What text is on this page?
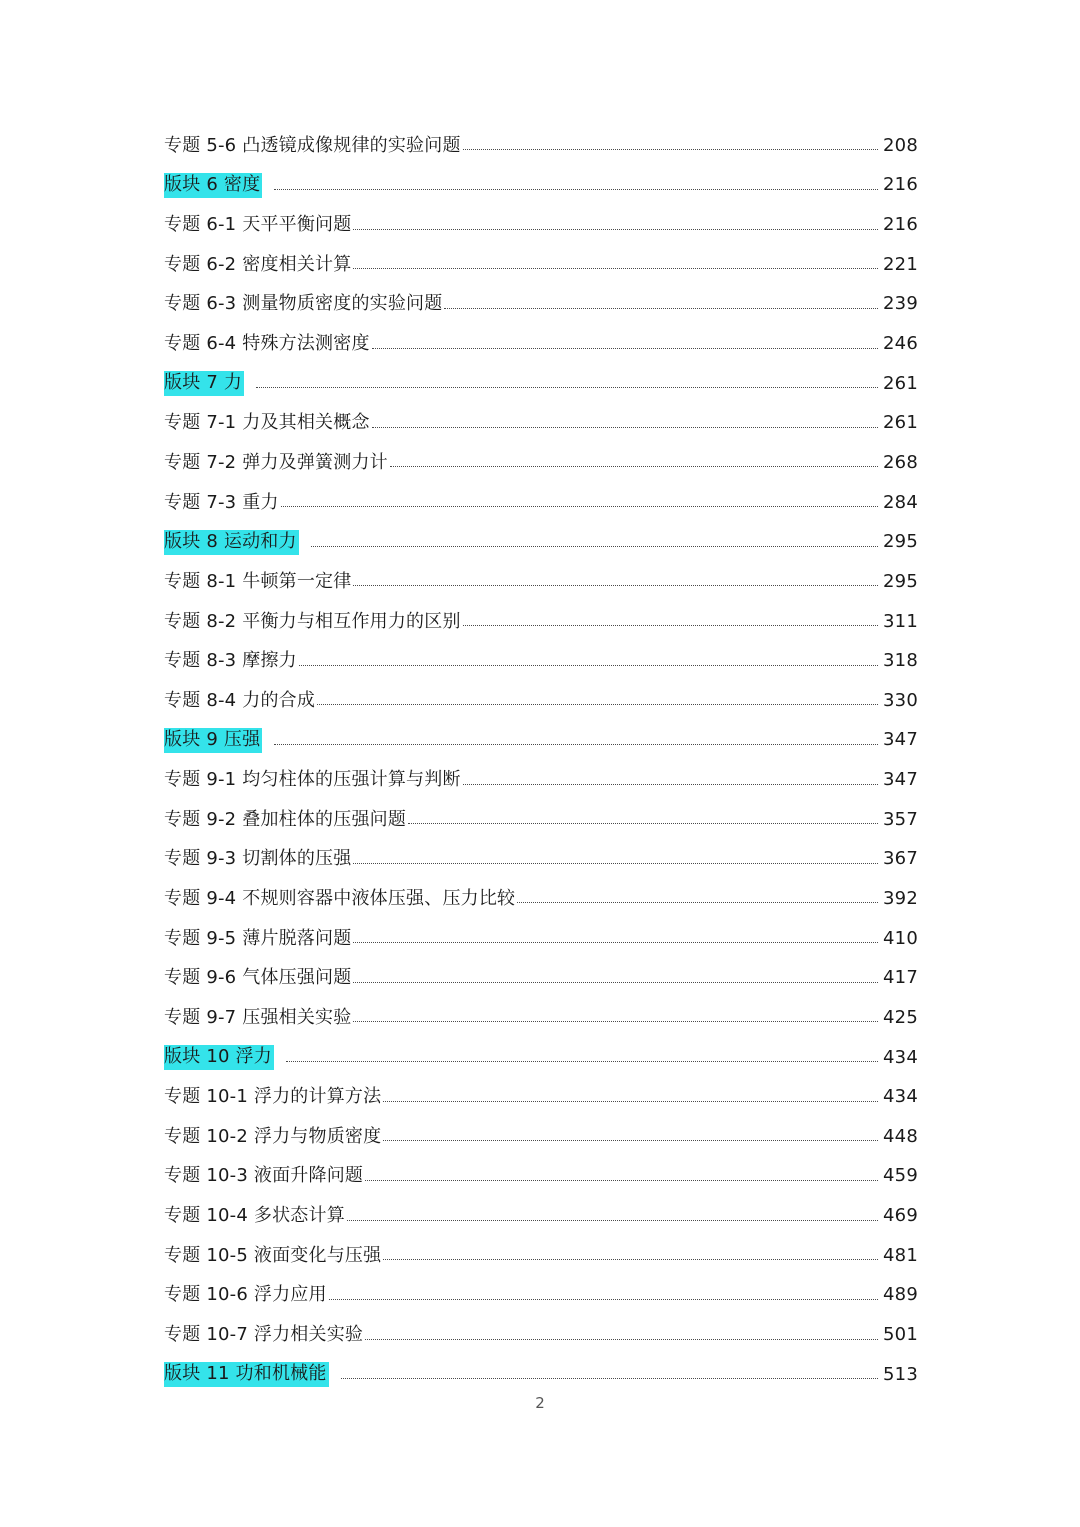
专题 5-6 凸透镜成像规律的实验问题	208
版块 6 密度	216
专题 6-1 天平平衡问题	216
专题 6-2 密度相关计算	221
专题 6-3 测量物质密度的实验问题	239
专题 6-4 特殊方法测密度	246
版块 7 力	261
专题 7-1 力及其相关概念	261
专题 7-2 弹力及弹簧测力计	268
专题 7-3 重力	284
版块 8 运动和力	295
专题 8-1 牛顿第一定律	295
专题 8-2 平衡力与相互作用力的区别	311
专题 8-3 摩擦力	318
专题 8-4 力的合成	330
版块 9 压强	347
专题 9-1 均匀柱体的压强计算与判断	347
专题 9-2 叠加柱体的压强问题	357
专题 9-3 切割体的压强	367
专题 9-4 不规则容器中液体压强、压力比较	392
专题 9-5 薄片脱落问题	410
专题 9-6 气体压强问题	417
专题 9-7 压强相关实验	425
版块 10 浮力	434
专题 10-1 浮力的计算方法	434
专题 10-2 浮力与物质密度	448
专题 10-3 液面升降问题	459
专题 10-4 多状态计算	469
专题 10-5 液面变化与压强	481
专题 10-6 浮力应用	489
专题 10-7 浮力相关实验	501
版块 11 功和机械能	513
2
